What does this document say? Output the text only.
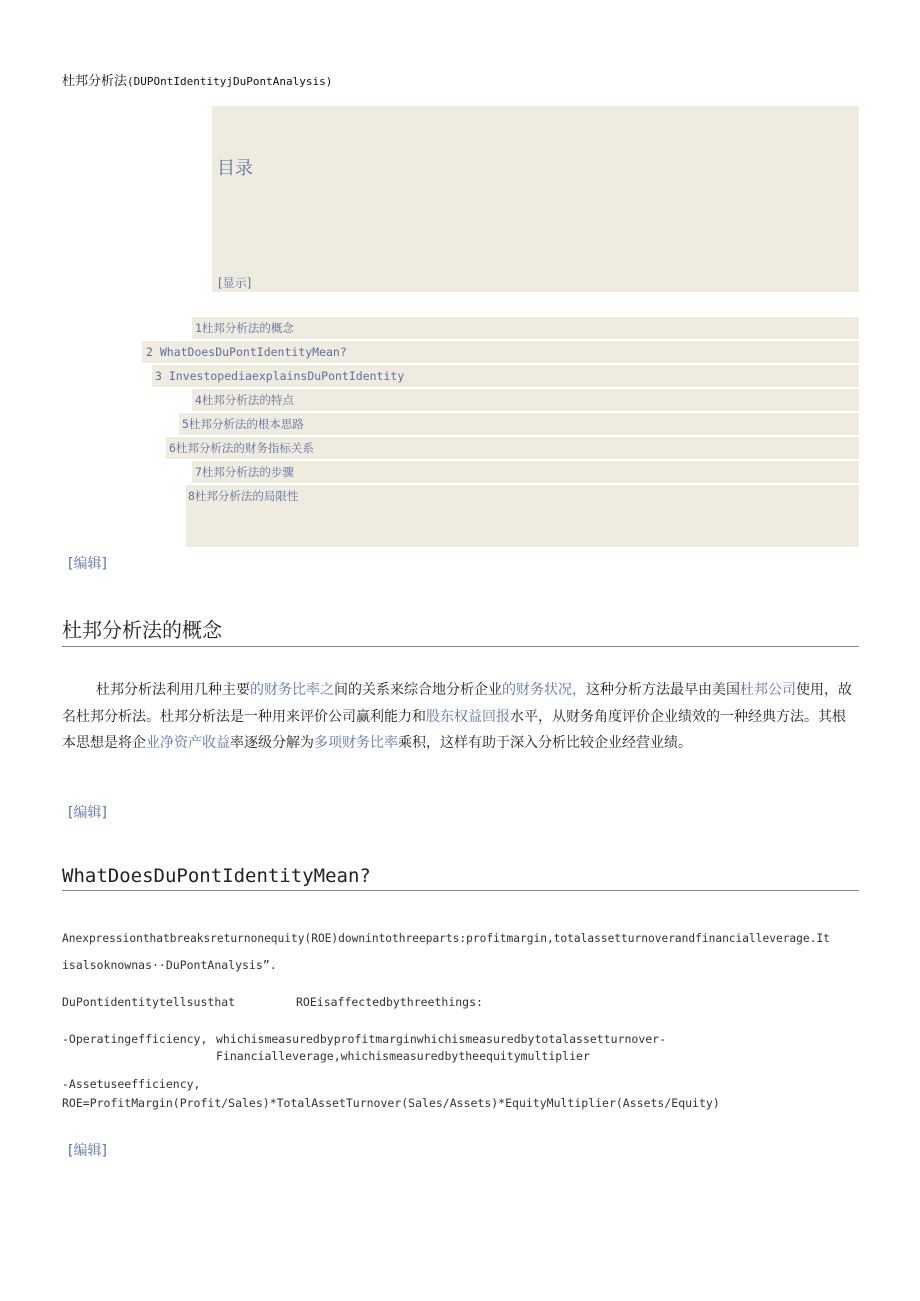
杜邦分析法(DUPOntIdentityjDuPontAnalysis)
目录
[显示]
1杜邦分析法的概念
2 WhatDoesDuPontIdentityMean?
3 InvestopediaexplainsDuPontIdentity
4杜邦分析法的特点
5杜邦分析法的根本思路
6杜邦分析法的财务指标关系
7杜邦分析法的步骤
8杜邦分析法的局限性
[编辑]
杜邦分析法的概念

杜邦分析法利用几种主要的财务比率之间的关系来综合地分析企业的财务状况，这种分析方法最早由美国杜邦公司使用，故名杜邦分析法。杜邦分析法是一种用来评价公司赢利能力和股东权益回报水平，从财务角度评价企业绩效的一种经典方法。其根本思想是将企业净资产收益率逐级分解为多项财务比率乘积，这样有助于深入分析比较企业经营业绩。

[编辑]
WhatDoesDuPontIdentityMean?
Anexpressionthatbreaksreturnonequity(ROE)downintothreeparts:profitmargin,totalassetturnoverandfinancialleverage.It
isalsoknownas··DuPontAnalysis”.
DuPontidentitytellsusthat	ROEisaffectedbythreethings:
-Operatingefficiency, whichismeasuredbyprofitmarginwhichismeasuredbytotalassetturnover-
Financialleverage,whichismeasuredbytheequitymultiplier
-Assetuseefficiency,
ROE=ProfitMargin(Profit/Sales)*TotalAssetTurnover(Sales/Assets)*EquityMultiplier(Assets/Equity)
[编辑]
